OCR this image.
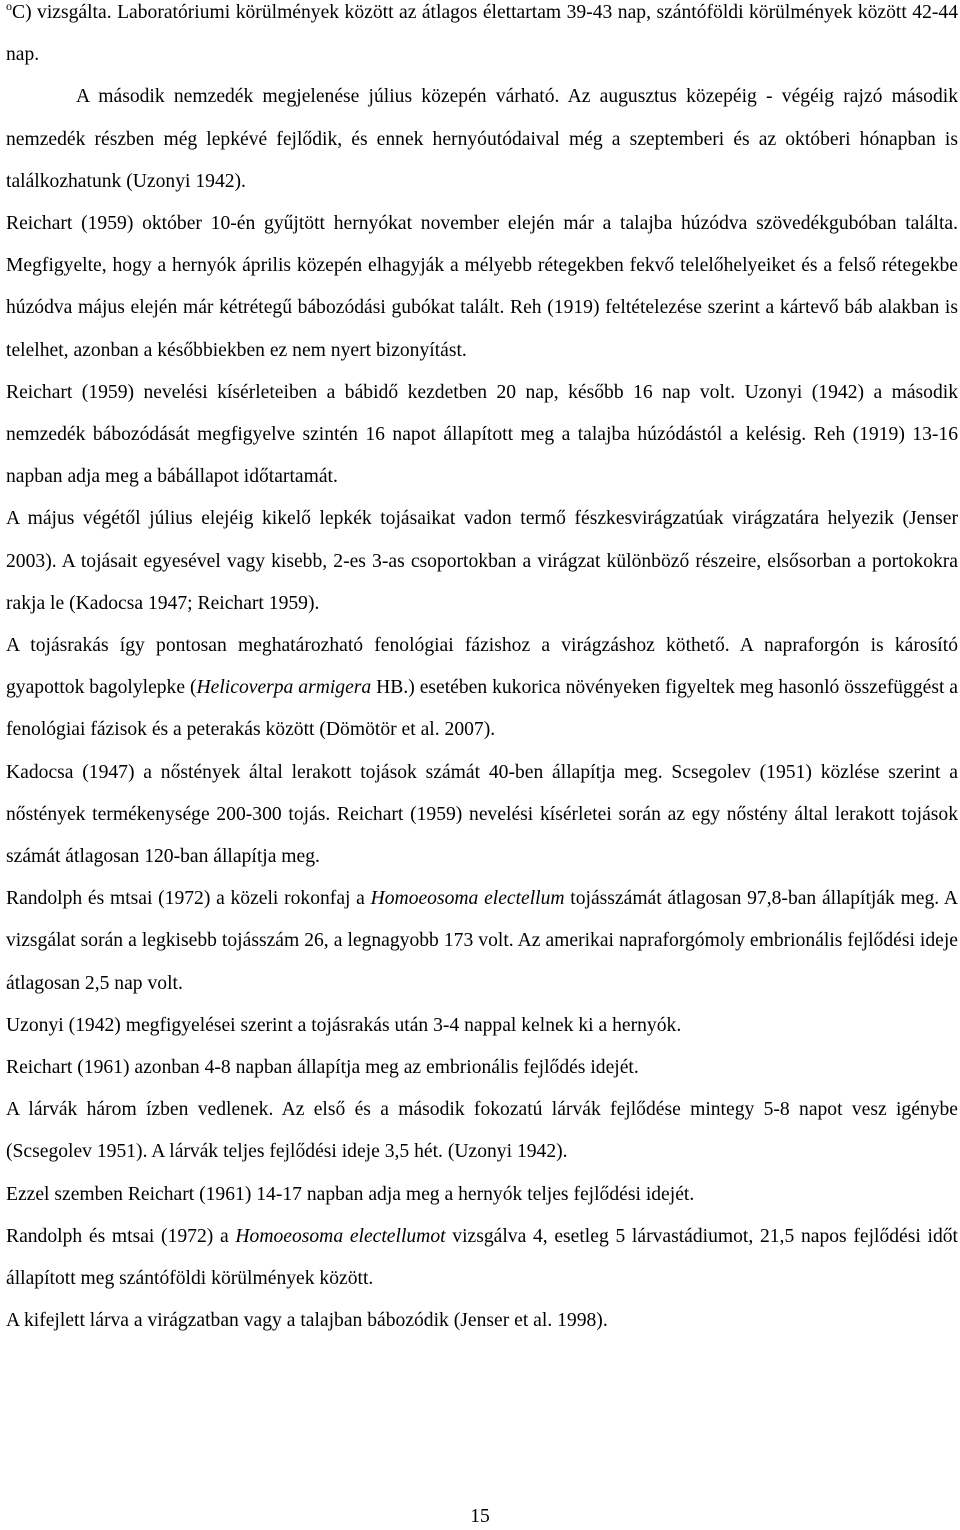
$^o$C) vizsgálta. Laboratóriumi körülmények között az átlagos élettartam 39-43 nap, szántóföldi körülmények között 42-44 nap.

A második nemzedék megjelenése július közepén várható. Az augusztus közepéig - végéig rajzó második nemzedék részben még lepkévé fejlődik, és ennek hernyóutódaival még a szeptemberi és az októberi hónapban is találkozhatunk (Uzonyi 1942).

Reichart (1959) október 10-én gyűjtött hernyókat november elején már a talajba húzódva szövedékgubóban találta. Megfigyelte, hogy a hernyók április közepén elhagyják a mélyebb rétegekben fekvő telelőhelyeiket és a felső rétegekbe húzódva május elején már kétrétegű bábozódási gubókat talált. Reh (1919) feltételezése szerint a kártevő báb alakban is telelhet, azonban a későbbiekben ez nem nyert bizonyítást.

Reichart (1959) nevelési kísérleteiben a bábidő kezdetben 20 nap, később 16 nap volt. Uzonyi (1942) a második nemzedék bábozódását megfigyelve szintén 16 napot állapított meg a talajba húzódástól a kelésig. Reh (1919) 13-16 napban adja meg a bábállapot időtartamát.

A május végétől július elejéig kikelő lepkék tojásaikat vadon termő fészkesvirágzatúak virágzatára helyezik (Jenser 2003). A tojásait egyesével vagy kisebb, 2-es 3-as csoportokban a virágzat különböző részeire, elsősorban a portokokra rakja le (Kadocsa 1947; Reichart 1959).

A tojásrakás így pontosan meghatározható fenológiai fázishoz a virágzáshoz köthető. A napraforgón is károsító gyapottok bagolylepke (Helicoverpa armigera HB.) esetében kukorica növényeken figyeltek meg hasonló összefüggést a fenológiai fázisok és a peterakás között (Dömötör et al. 2007).

Kadocsa (1947) a nőstények által lerakott tojások számát 40-ben állapítja meg. Scsegolev (1951) közlése szerint a nőstények termékenysége 200-300 tojás. Reichart (1959) nevelési kísérletei során az egy nőstény által lerakott tojások számát átlagosan 120-ban állapítja meg.

Randolph és mtsai (1972) a közeli rokonfaj a Homoeosoma electellum tojásszámát átlagosan 97,8-ban állapítják meg. A vizsgálat során a legkisebb tojásszám 26, a legnagyobb 173 volt. Az amerikai napraforgómoly embrionális fejlődési ideje átlagosan 2,5 nap volt.

Uzonyi (1942) megfigyelései szerint a tojásrakás után 3-4 nappal kelnek ki a hernyók.

Reichart (1961) azonban 4-8 napban állapítja meg az embrionális fejlődés idejét.

A lárvák három ízben vedlenek. Az első és a második fokozatú lárvák fejlődése mintegy 5-8 napot vesz igénybe (Scsegolev 1951). A lárvák teljes fejlődési ideje 3,5 hét. (Uzonyi 1942).

Ezzel szemben Reichart (1961) 14-17 napban adja meg a hernyók teljes fejlődési idejét.

Randolph és mtsai (1972) a Homoeosoma electellumot vizsgálva 4, esetleg 5 lárvastádiumot, 21,5 napos fejlődési időt állapított meg szántóföldi körülmények között.

A kifejlett lárva a virágzatban vagy a talajban bábozódik (Jenser et al. 1998).

15
